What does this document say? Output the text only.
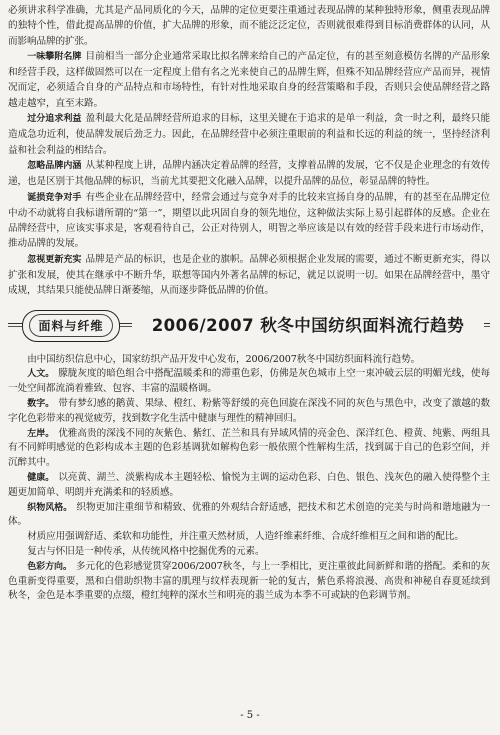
必须讲求科学准确，尤其是产品同质化的今天，品牌的定位更要注重通过表现品牌的某种独特形象，侧重表现品牌的独特个性，借此提高品牌的价值，扩大品牌的形象，而不能泛泛定位，否则就很难得到目标消费群体的认同，从而影响品牌的扩张。

一味攀附名牌 目前相当一部分企业通常采取比拟名牌来给自己的产品定位，有的甚至刻意模仿名牌的产品形象和经营手段，这样做固然可以在一定程度上借有名之光来使自己的品牌生辉，但殊不知品牌经营应产品而异，视情况而定，必须适合自身的产品特点和市场特性，有针对性地采取自身的经营策略和手段，否则只会使品牌经营之路越走越窄，直至末路。

过分追求利益 盈利最大化是品牌经营所追求的目标，这里关键在于追求的是单一利益，贪一时之利，最终只能造成急功近利，使品牌发展后劲乏力。因此，在品牌经营中必须注重眼前的利益和长远的利益的统一，坚持经济利益和社会利益的相结合。

忽略品牌内涵 从某种程度上讲，品牌内涵决定着品牌的经营，支撑着品牌的发展，它不仅是企业理念的有效传递，也是区别于其他品牌的标识，当前尤其要把文化融入品牌，以提升品牌的品位，彰显品牌的特性。

诞损竞争对手 有些企业在品牌经营中，经常会通过与竞争对手的比较来宣扬自身的品牌，有的甚至在品牌定位中动不动就将自我标谱所谓的“第一”，期望以此巩固自身的领先地位，这种做法实际上易引起群体的反感。企业在品牌经营中，应该实事求是，客观看待自己，公正对待别人，明智之举应该是以有效的经营手段来进行市场动作，推动品牌的发展。

忽视更新充实 品牌是产品的标识，也是企业的旗帜。品牌必须根据企业发展的需要，通过不断更新充实，得以扩张和发展，使其在继承中不断升华，联想等国内外著名品牌的标记，就足以说明一切。如果在品牌经营中，墨守成规，其结果只能使品牌日渐萎缩，从而逐步降低品牌的价值。

面料与纤维	2006/2007 秋冬中国纺织面料流行趋势

由中国纺织信息中心，国家纺织产品开发中心发布，2006/2007秋冬中国纺织面料流行趋势。

人文。 朦胧灰度的暗色组合中搭配温暖柔和的滞重色彩，仿佛是灰色城市上空一束冲破云层的明媚光线，使每一处空间都流淌着雅致、包容、丰富的温暖格调。

数字。 带有梦幻感的鹅黄、果绿、橙红、粉紫等舒缓的亮色回旋在深浅不同的灰色与黑色中，改变了激越的数字化色彩带来的视觉疲劳，找到数字化生活中健康与理性的精神回归。

左岸。 优雅高贵的深浅不同的灰紫色、紫红、芷兰和具有异域风情的亮金色、深洋红色、橙黄、纯紫、两组具有不同鲜明感觉的色彩构成本主题的色彩基调犹如解构色彩一般依照个性解构生活，找到属于自己的色彩空间，并沉醉其中。

健康。 以亮黄、湖兰、淡紫构成本主题轻松、愉悦为主调的运动色彩、白色、银色、浅灰色的融入使得整个主题更加简单、明朗并充满柔和的轻质感。

织物风格。 织物更加注重细节和精致、优雅的外观结合舒适感，把技术和艺术创造的完美与时尚和谐地融为一体。

材质应用强调舒适、柔软和功能性，并注重天然材质，人造纤维素纤维、合成纤维相互之间和谐的配比。

复古与怀旧是一种传承，从传统风格中挖掘优秀的元素。

色彩方向。 多元化的色彩感觉贯穿2006/2007秋冬，与上一季相比，更注重彼此间新鲜和谐的搭配。柔和的灰色重新变得重要，黑和白借助织物丰富的肌理与纹样表现新一轮的复古，紫色系将浪漫、高贵和神秘自春夏延续到秋冬，金色是本季重要的点缀，橙红纯粹的深水兰和明亮的翡兰成为本季不可或缺的色彩调节剂。

- 5 -
